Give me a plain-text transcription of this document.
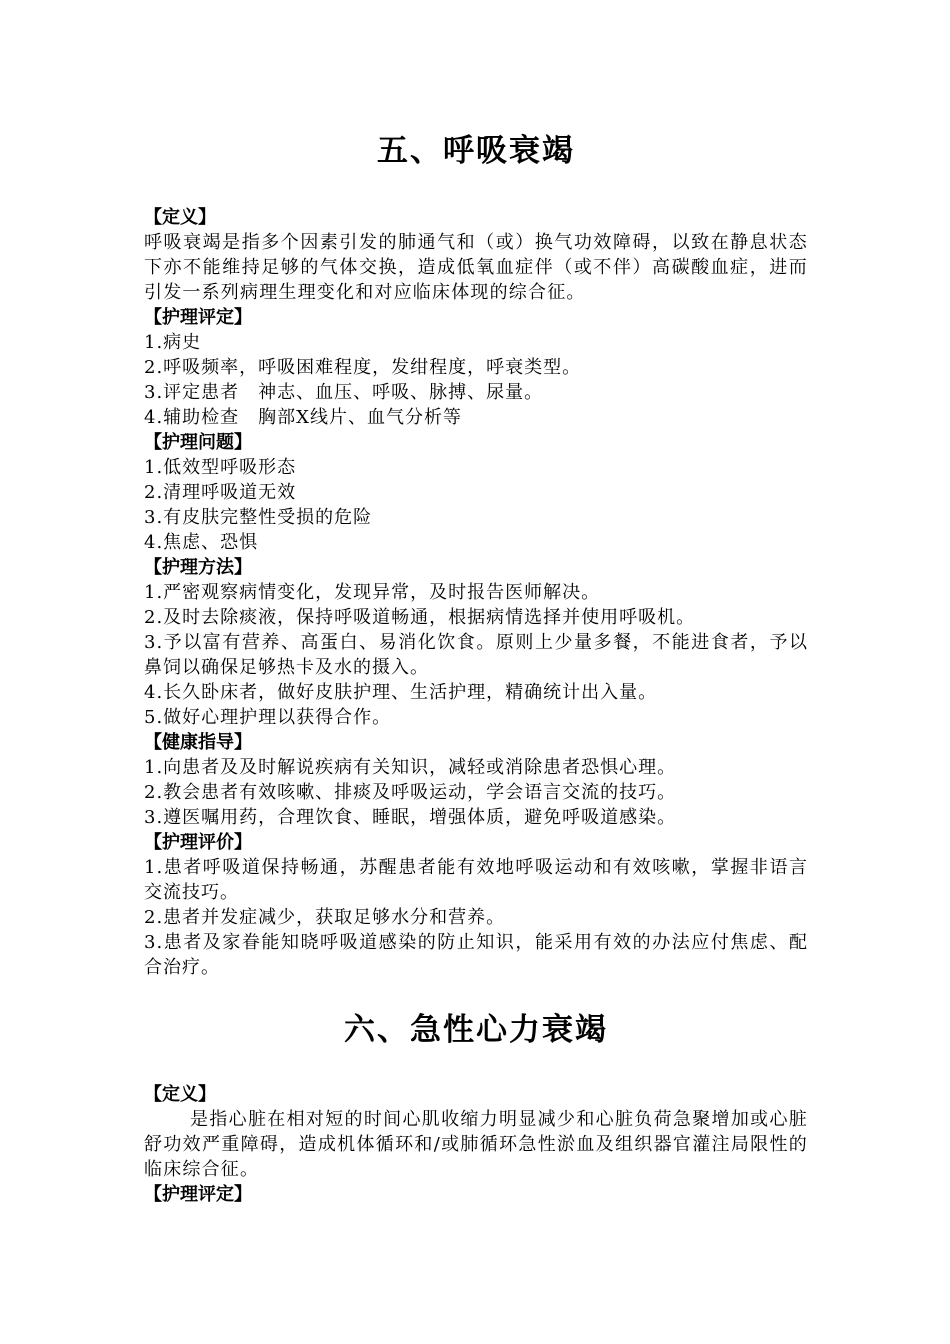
五、呼吸衰竭
【定义】

呼吸衰竭是指多个因素引发的肺通气和（或）换气功效障碍，以致在静息状态下亦不能维持足够的气体交换，造成低氧血症伴（或不伴）高碳酸血症，进而引发一系列病理生理变化和对应临床体现的综合征。

【护理评定】

1.病史

2.呼吸频率，呼吸困难程度，发绀程度，呼衰类型。

3.评定患者　神志、血压、呼吸、脉搏、尿量。

4.辅助检查　胸部X线片、血气分析等

【护理问题】

1.低效型呼吸形态

2.清理呼吸道无效

3.有皮肤完整性受损的危险

4.焦虑、恐惧

【护理方法】

1.严密观察病情变化，发现异常，及时报告医师解决。

2.及时去除痰液，保持呼吸道畅通，根据病情选择并使用呼吸机。

3.予以富有营养、高蛋白、易消化饮食。原则上少量多餐，不能进食者，予以鼻饲以确保足够热卡及水的摄入。

4.长久卧床者，做好皮肤护理、生活护理，精确统计出入量。

5.做好心理护理以获得合作。

【健康指导】

1.向患者及及时解说疾病有关知识，减轻或消除患者恐惧心理。

2.教会患者有效咳嗽、排痰及呼吸运动，学会语言交流的技巧。

3.遵医嘱用药，合理饮食、睡眠，增强体质，避免呼吸道感染。

【护理评价】

1.患者呼吸道保持畅通，苏醒患者能有效地呼吸运动和有效咳嗽，掌握非语言交流技巧。

2.患者并发症减少，获取足够水分和营养。

3.患者及家眷能知晓呼吸道感染的防止知识，能采用有效的办法应付焦虑、配合治疗。

六、急性心力衰竭
【定义】

是指心脏在相对短的时间心肌收缩力明显减少和心脏负荷急聚增加或心脏舒功效严重障碍，造成机体循环和/或肺循环急性淤血及组织器官灌注局限性的临床综合征。

【护理评定】
